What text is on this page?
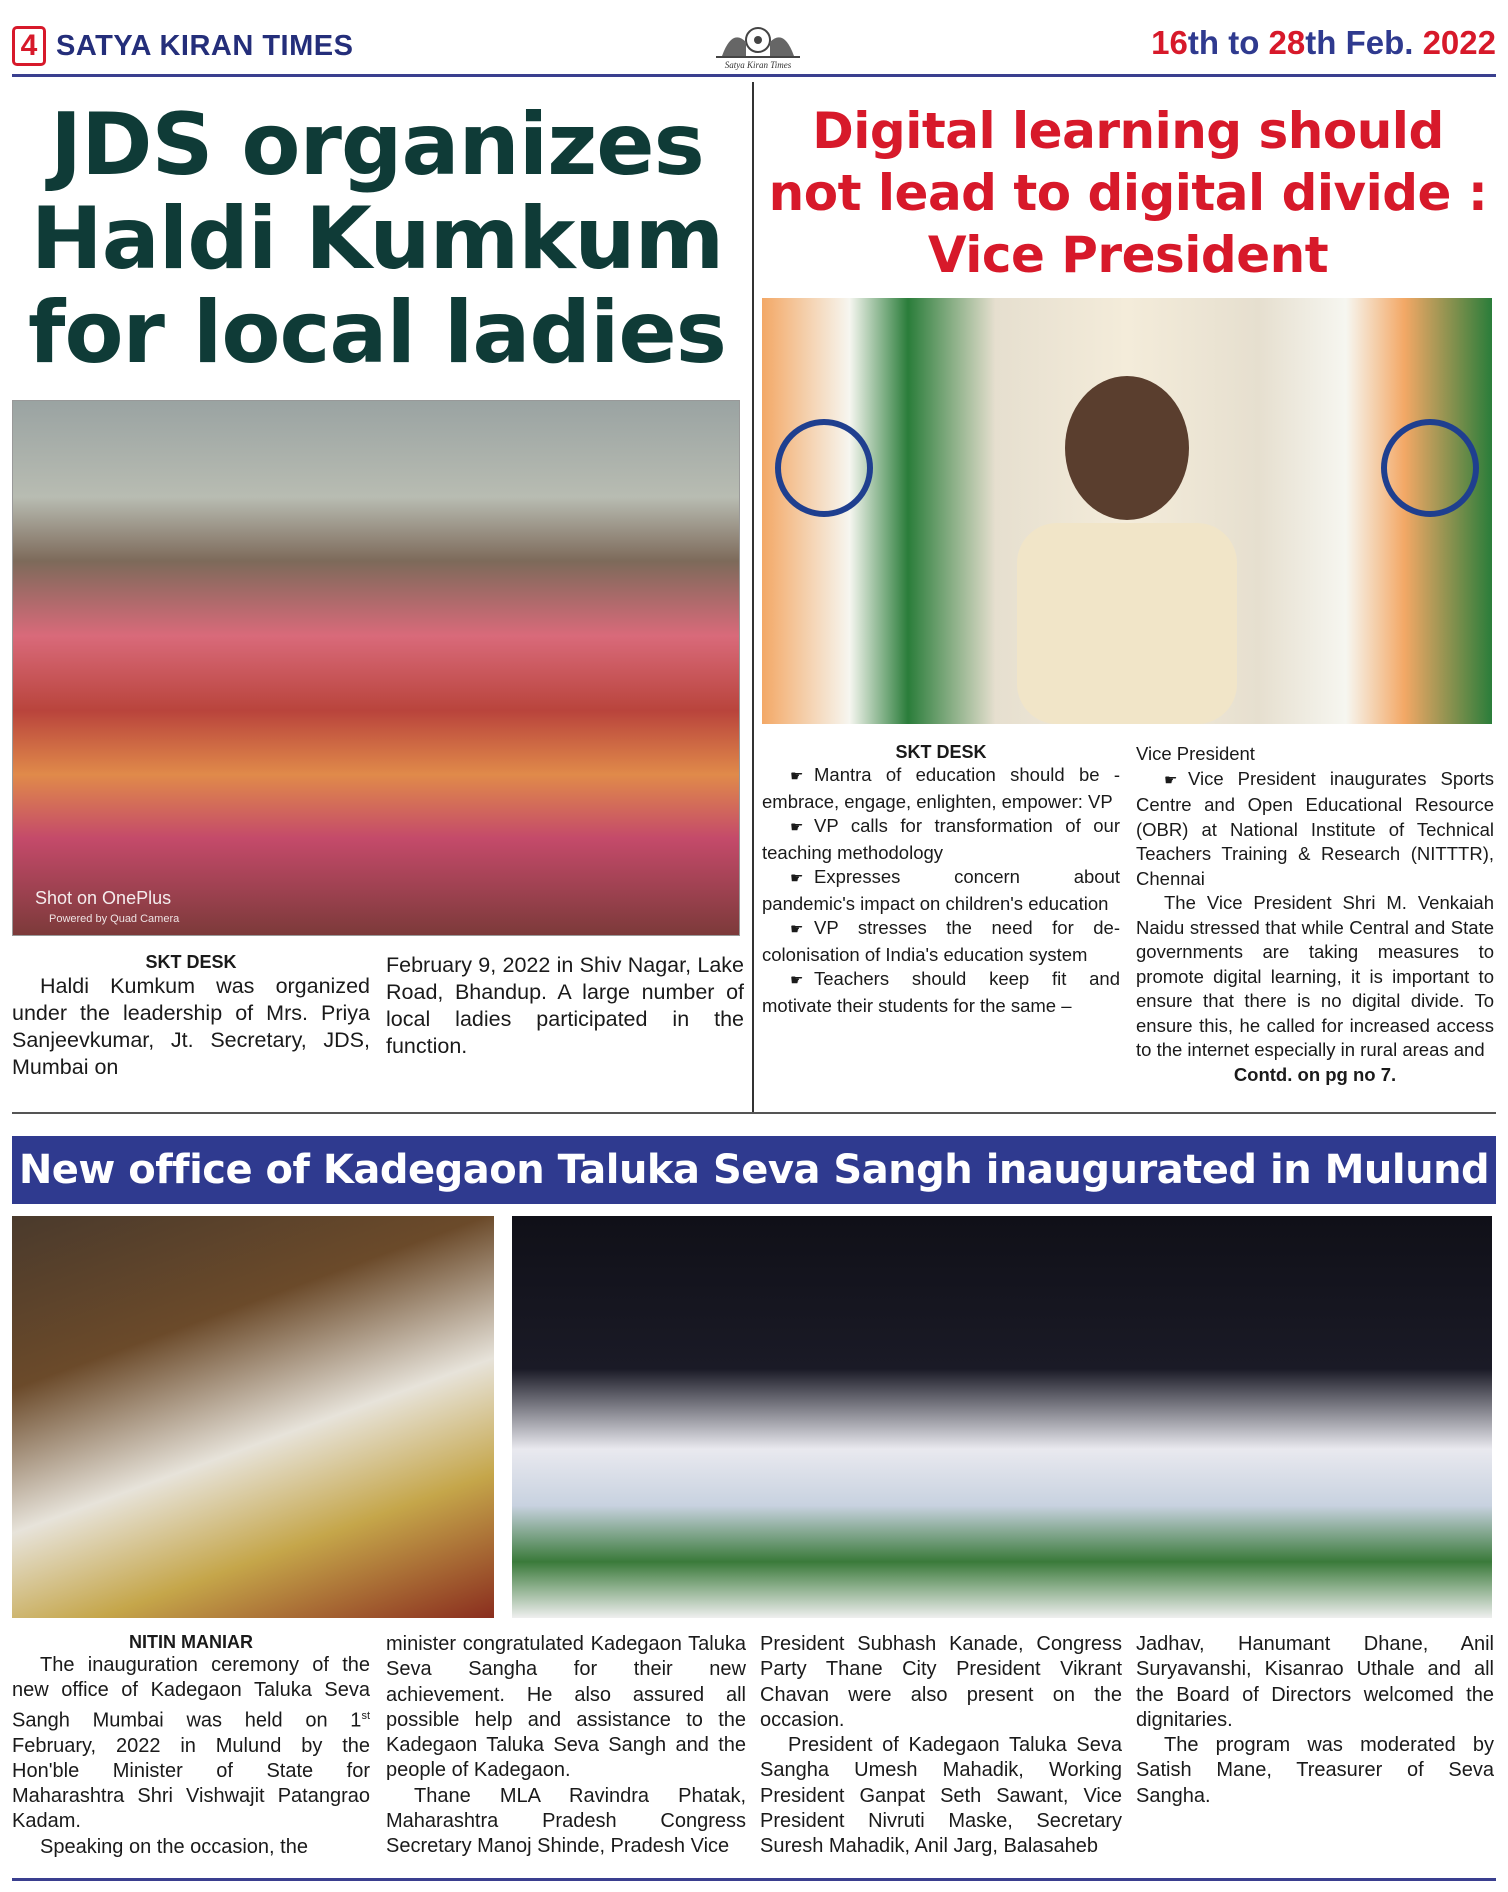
4 SATYA KIRAN TIMES
Satya Kiran Times
16th to 28th Feb. 2022
JDS organizes Haldi Kumkum for local ladies
Shot on OnePlus
Powered by Quad Camera
SKT DESK

Haldi Kumkum was organized under the leadership of Mrs. Priya Sanjeevkumar, Jt. Secretary, JDS, Mumbai on

February 9, 2022 in Shiv Nagar, Lake Road, Bhandup. A large number of local ladies participated in the function.

Digital learning should not lead to digital divide : Vice President
SKT DESK

☛ Mantra of education should be - embrace, engage, enlighten, empower: VP

☛ VP calls for transformation of our teaching methodology

☛ Expresses concern about pandemic's impact on children's education

☛ VP stresses the need for de-colonisation of India's education system

☛ Teachers should keep fit and motivate their students for the same –

Vice President

☛ Vice President inaugurates Sports Centre and Open Educational Resource (OBR) at National Institute of Technical Teachers Training & Research (NITTTR), Chennai

The Vice President Shri M. Venkaiah Naidu stressed that while Central and State governments are taking measures to promote digital learning, it is important to ensure that there is no digital divide. To ensure this, he called for increased access to the internet especially in rural areas and

Contd. on pg no 7.
New office of Kadegaon Taluka Seva Sangh inaugurated in Mulund
NITIN MANIAR

The inauguration ceremony of the new office of Kadegaon Taluka Seva Sangh Mumbai was held on 1st February, 2022 in Mulund by the Hon'ble Minister of State for Maharashtra Shri Vishwajit Patangrao Kadam.

Speaking on the occasion, the

minister congratulated Kadegaon Taluka Seva Sangha for their new achievement. He also assured all possible help and assistance to the Kadegaon Taluka Seva Sangh and the people of Kadegaon.

Thane MLA Ravindra Phatak, Maharashtra Pradesh Congress Secretary Manoj Shinde, Pradesh Vice

President Subhash Kanade, Congress Party Thane City President Vikrant Chavan were also present on the occasion.

President of Kadegaon Taluka Seva Sangha Umesh Mahadik, Working President Ganpat Seth Sawant, Vice President Nivruti Maske, Secretary Suresh Mahadik, Anil Jarg, Balasaheb

Jadhav, Hanumant Dhane, Anil Suryavanshi, Kisanrao Uthale and all the Board of Directors welcomed the dignitaries.

The program was moderated by Satish Mane, Treasurer of Seva Sangha.
